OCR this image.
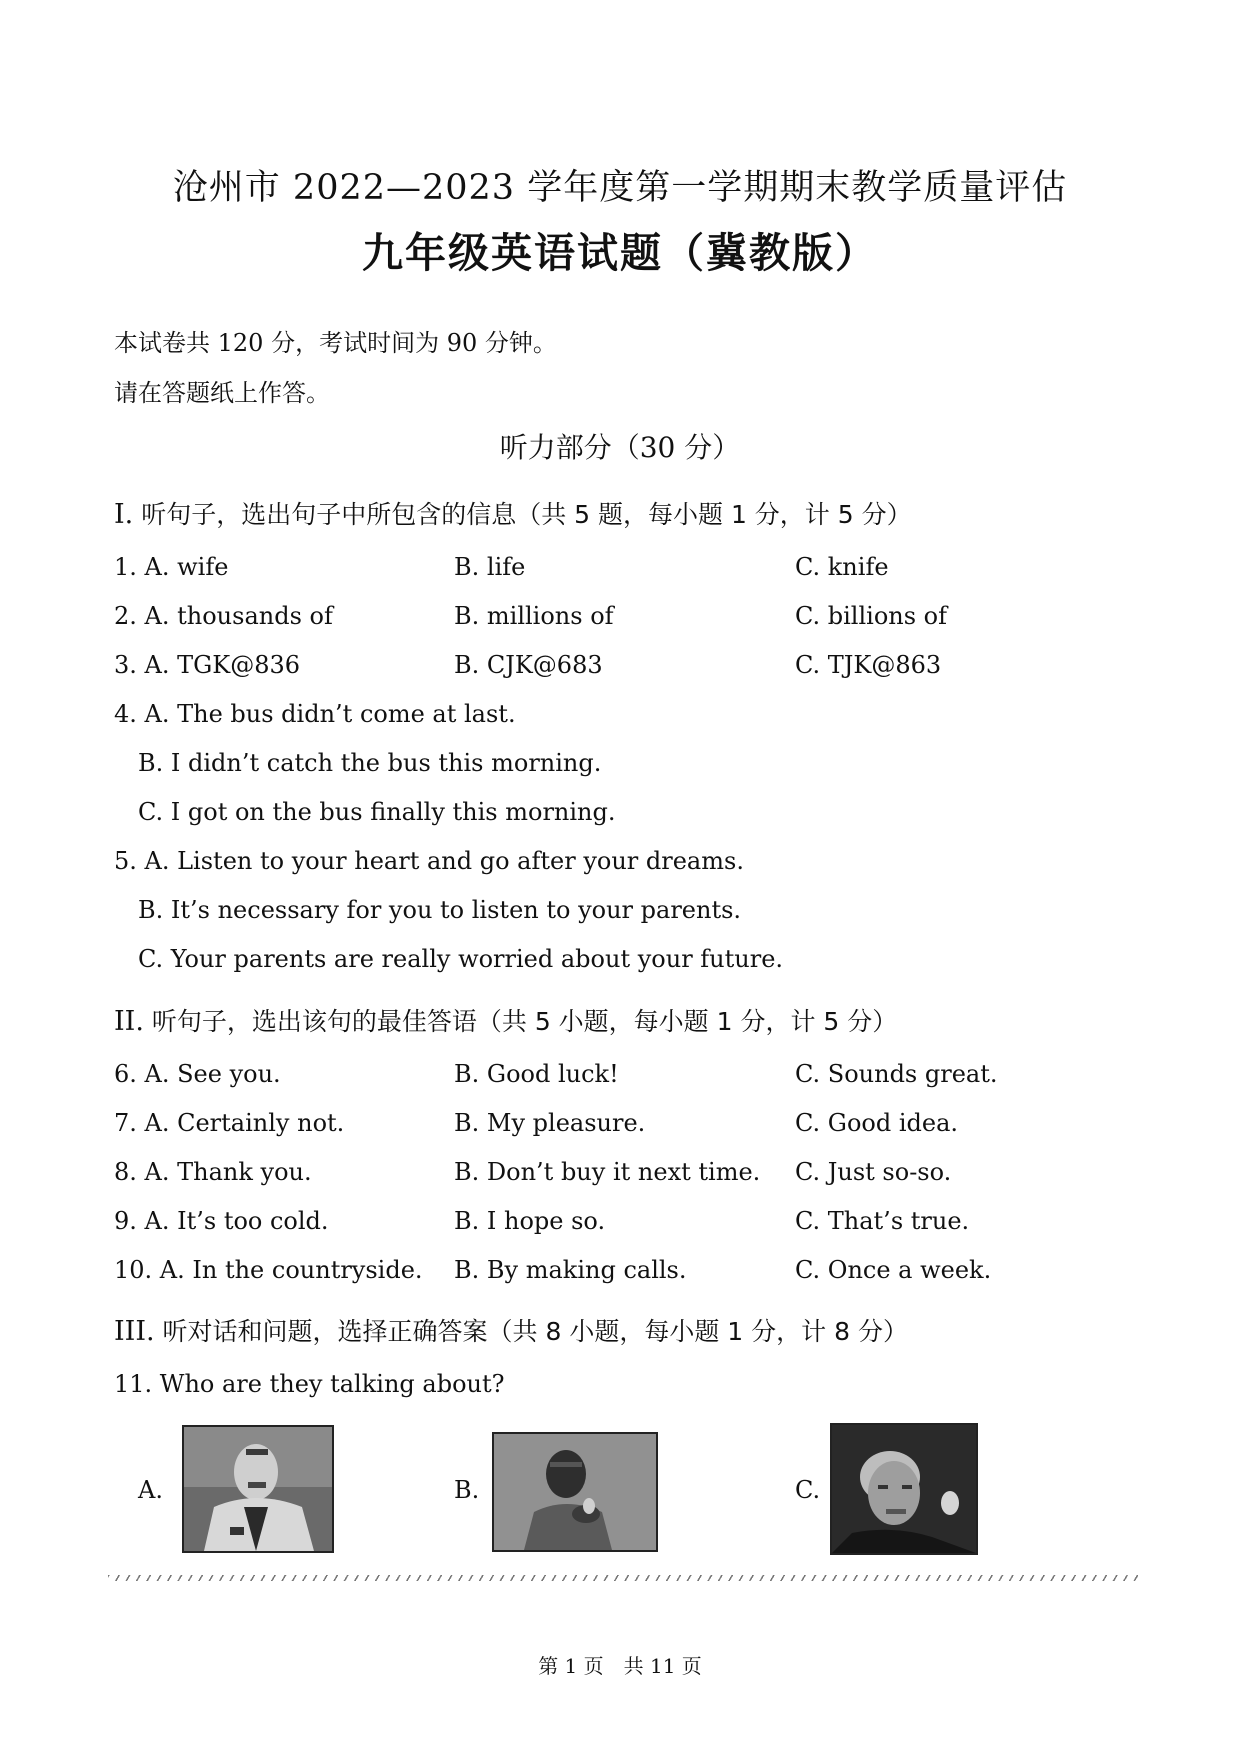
沧州市 2022—2023 学年度第一学期期末教学质量评估
九年级英语试题（冀教版）
本试卷共 120 分，考试时间为 90 分钟。
请在答题纸上作答。
听力部分（30 分）
I. 听句子，选出句子中所包含的信息（共 5 题，每小题 1 分，计 5 分）
1. A. wife	B. life	C. knife
2. A. thousands of	B. millions of	C. billions of
3. A. TGK@836	B. CJK@683	C. TJK@863
4. A. The bus didn’t come at last.
B. I didn’t catch the bus this morning.
C. I got on the bus finally this morning.
5. A. Listen to your heart and go after your dreams.
B. It’s necessary for you to listen to your parents.
C. Your parents are really worried about your future.
II. 听句子，选出该句的最佳答语（共 5 小题，每小题 1 分，计 5 分）
6. A. See you.	B. Good luck!	C. Sounds great.
7. A. Certainly not.	B. My pleasure.	C. Good idea.
8. A. Thank you.	B. Don’t buy it next time. C. Just so-so.
9. A. It’s too cold.	B. I hope so.	C. That’s true.
10. A. In the countryside. B. By making calls.	C. Once a week.
III. 听对话和问题，选择正确答案（共 8 小题，每小题 1 分，计 8 分）
11. Who are they talking about?
A.	B.	C.
第 1 页　共 11 页
